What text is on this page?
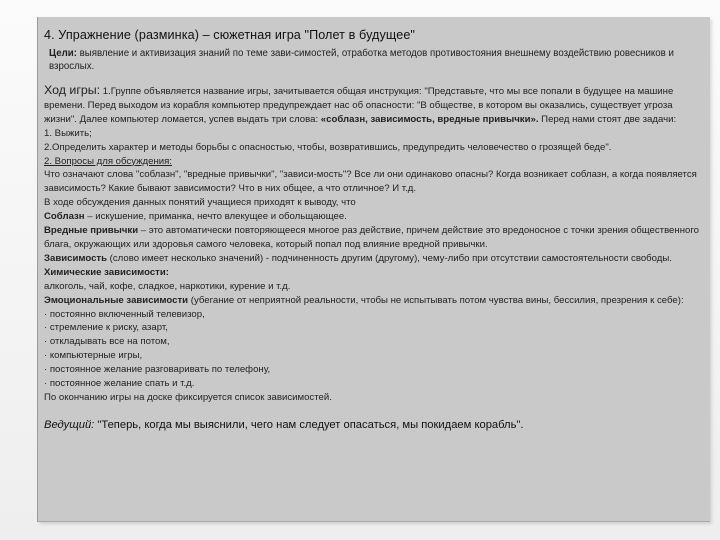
4. Упражнение (разминка) – сюжетная игра "Полет в будущее"
Цели: выявление и активизация знаний по теме зави-симостей, отработка методов противостояния внешнему воздействию ровесников и взрослых.

Ход игры: 1.Группе объявляется название игры, зачитывается общая инструкция: "Представьте, что мы все попали в будущее на машине времени. Перед выходом из корабля компьютер предупреждает нас об опасности: "В обществе, в котором вы оказались, существует угроза жизни". Далее компьютер ломается, успев выдать три слова: «соблазн, зависимость, вредные привычки». Перед нами стоят две задачи:

1. Выжить;

2.Определить характер и методы борьбы с опасностью, чтобы, возвратившись, предупредить человечество о грозящей беде".

2. Вопросы для обсуждения:

Что означают слова "соблазн", "вредные привычки", "зависи-мость"? Все ли они одинаково опасны? Когда возникает соблазн, а когда появляется зависимость? Какие бывают зависимости? Что в них общее, а что отличное? И т.д.

В ходе обсуждения данных понятий учащиеся приходят к выводу, что

Соблазн – искушение, приманка, нечто влекущее и обольщающее.

Вредные привычки – это автоматически повторяющееся многое раз действие, причем действие это вредоносное с точки зрения общественного блага, окружающих или здоровья самого человека, который попал под влияние вредной привычки.

Зависимость (слово имеет несколько значений) - подчиненность другим (другому), чему-либо при отсутствии самостоятельности свободы.

Химические зависимости:

алкоголь, чай, кофе, сладкое, наркотики, курение и т.д.

Эмоциональные зависимости (убегание от неприятной реальности, чтобы не испытывать потом чувства вины, бессилия, презрения к себе):

· постоянно включенный телевизор,

· стремление к риску, азарт,

· откладывать все на потом,

· компьютерные игры,

· постоянное желание разговаривать по телефону,

· постоянное желание спать и т.д.

По окончанию игры на доске фиксируется список зависимостей.

Ведущий: "Теперь, когда мы выяснили, чего нам следует опасаться, мы покидаем корабль".
